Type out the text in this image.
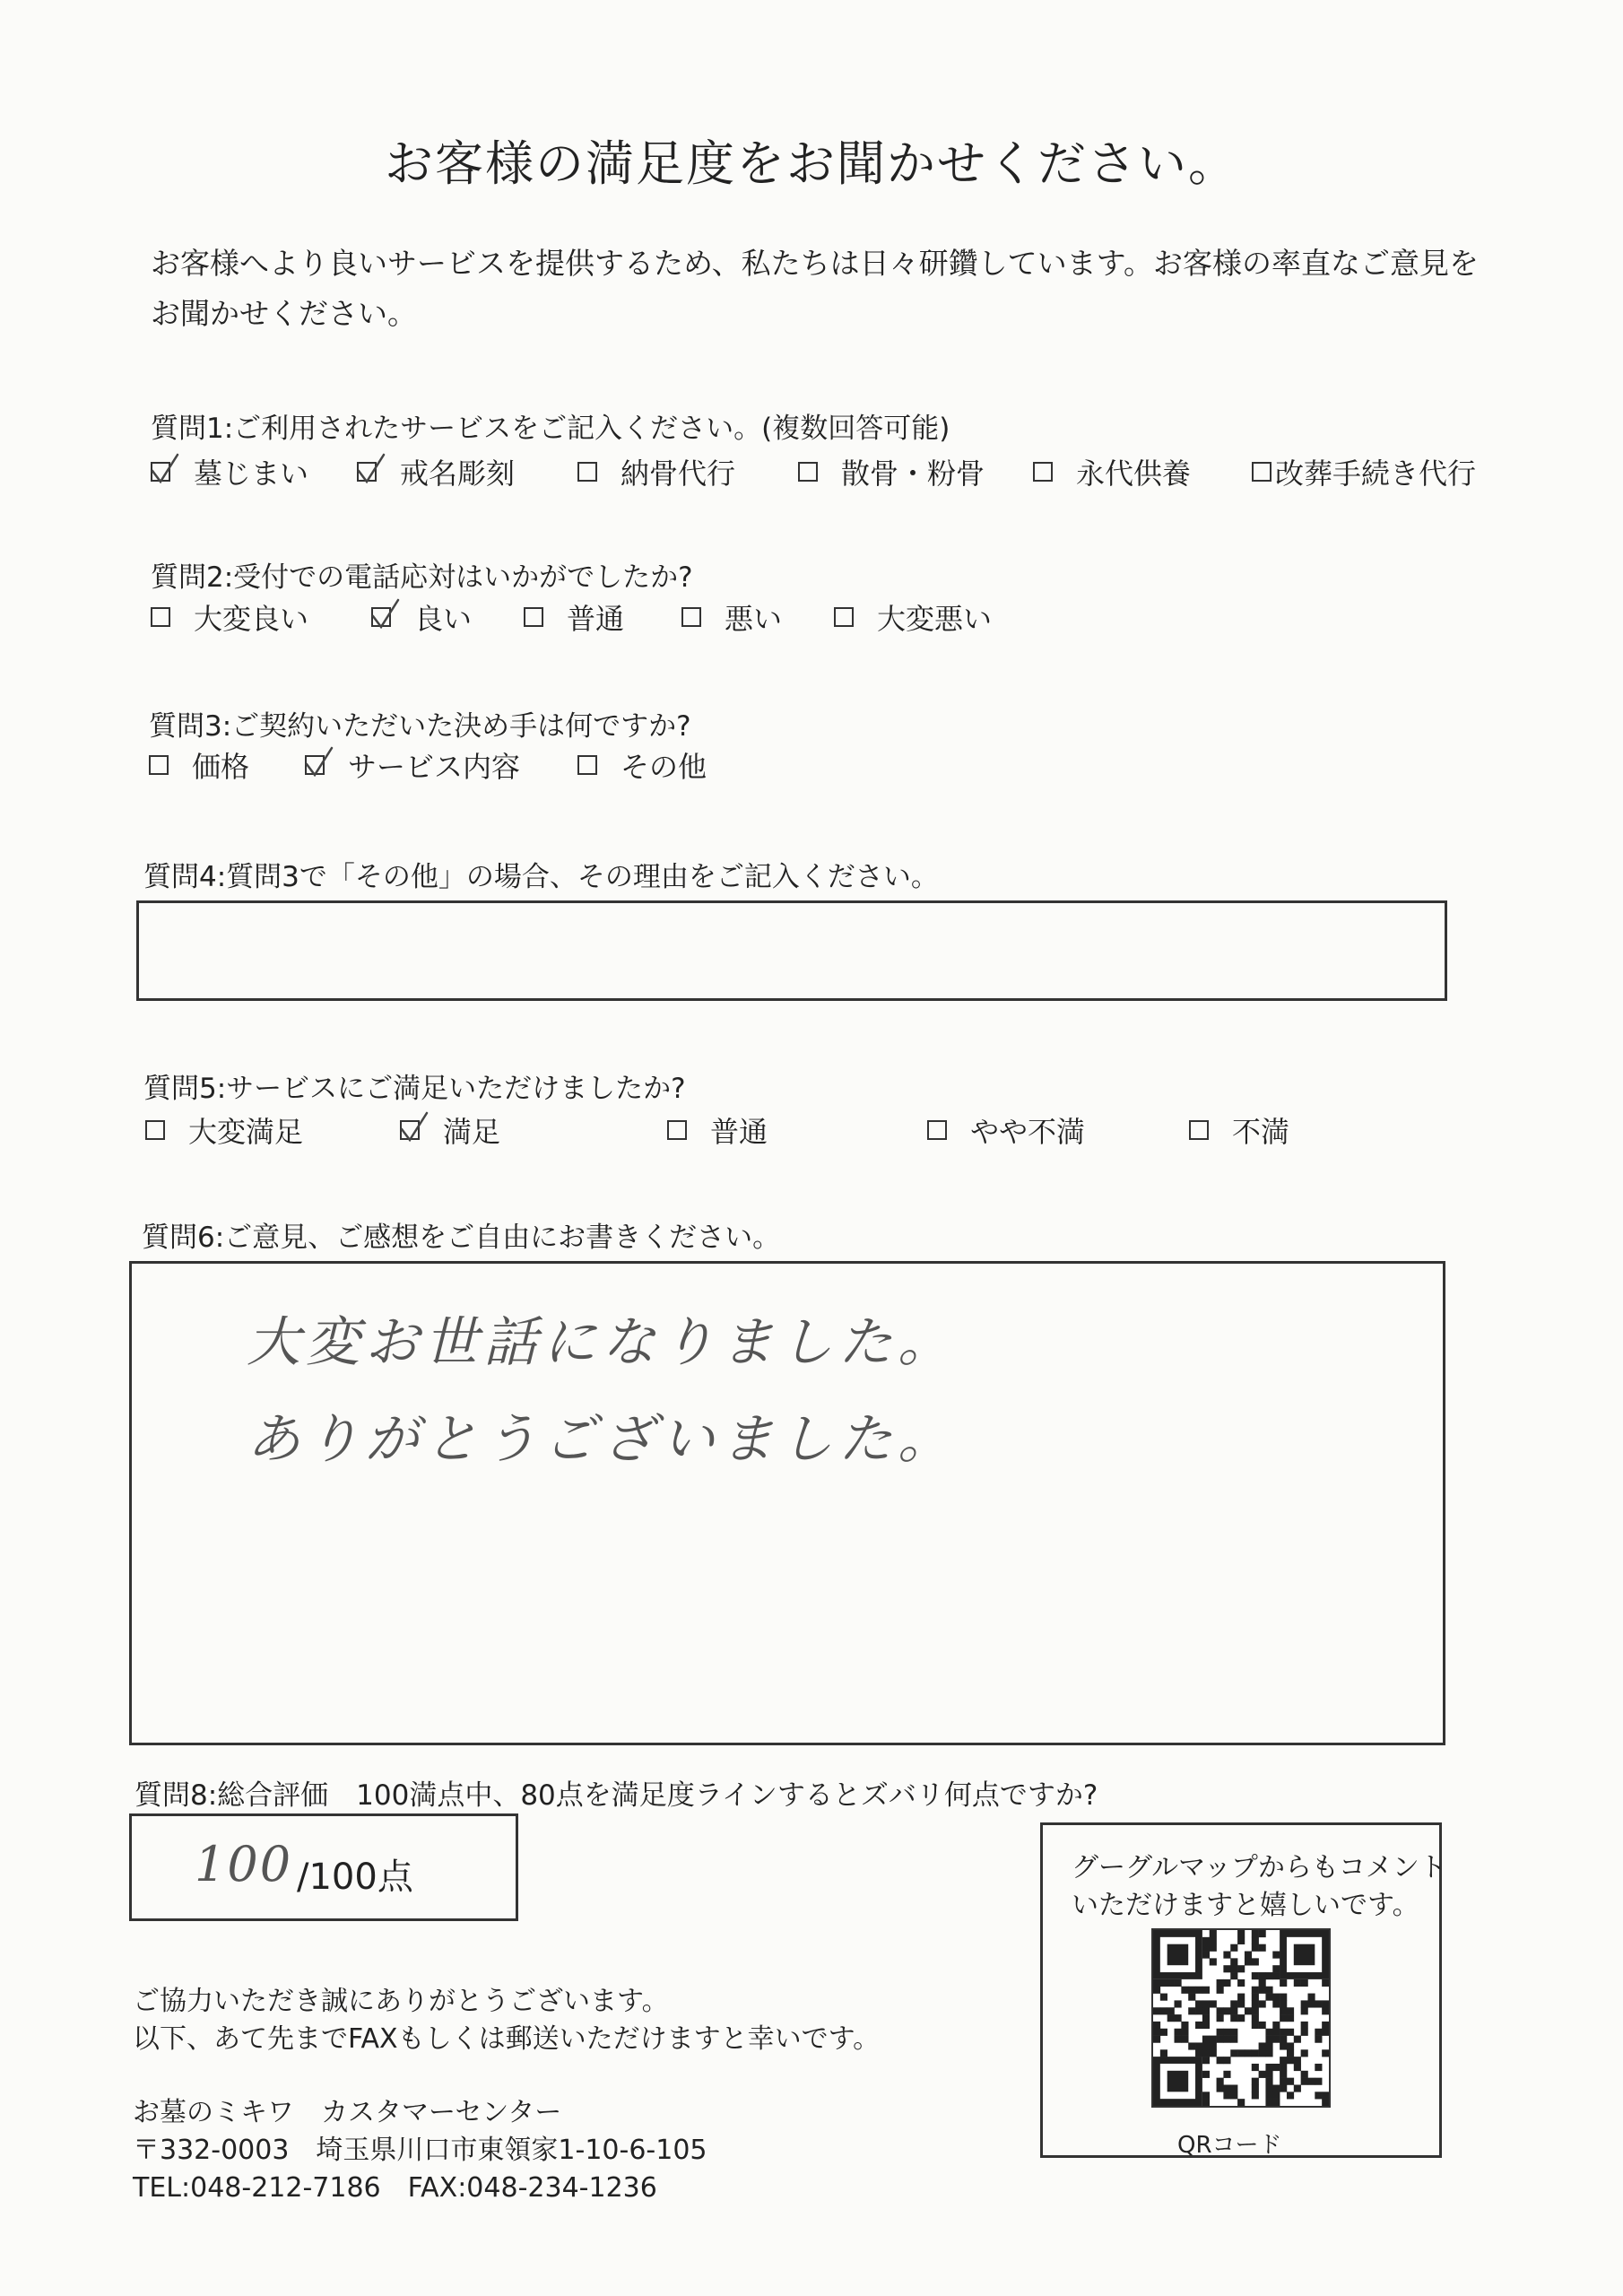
お客様の満足度をお聞かせください。
お客様へより良いサービスを提供するため、私たちは日々研鑽しています。お客様の率直なご意見を
お聞かせください。
質問1:ご利用されたサービスをご記入ください。(複数回答可能)
墓じまい	戒名彫刻	納骨代行	散骨・粉骨	永代供養	改葬手続き代行
質問2:受付での電話応対はいかがでしたか?
大変良い	良い	普通	悪い	大変悪い
質問3:ご契約いただいた決め手は何ですか?
価格	サービス内容	その他
質問4:質問3で「その他」の場合、その理由をご記入ください。
質問5:サービスにご満足いただけましたか?
大変満足	満足	普通	やや不満	不満
質問6:ご意見、ご感想をご自由にお書きください。
大変お世話になりました。
ありがとうございました。
質問8:総合評価　100満点中、80点を満足度ラインするとズバリ何点ですか?
100 /100点	グーグルマップからもコメント
いただけますと嬉しいです。
QRコード
ご協力いただき誠にありがとうございます。
以下、あて先までFAXもしくは郵送いただけますと幸いです。
お墓のミキワ　カスタマーセンター
〒332-0003　埼玉県川口市東領家1-10-6-105
TEL:048-212-7186　FAX:048-234-1236
